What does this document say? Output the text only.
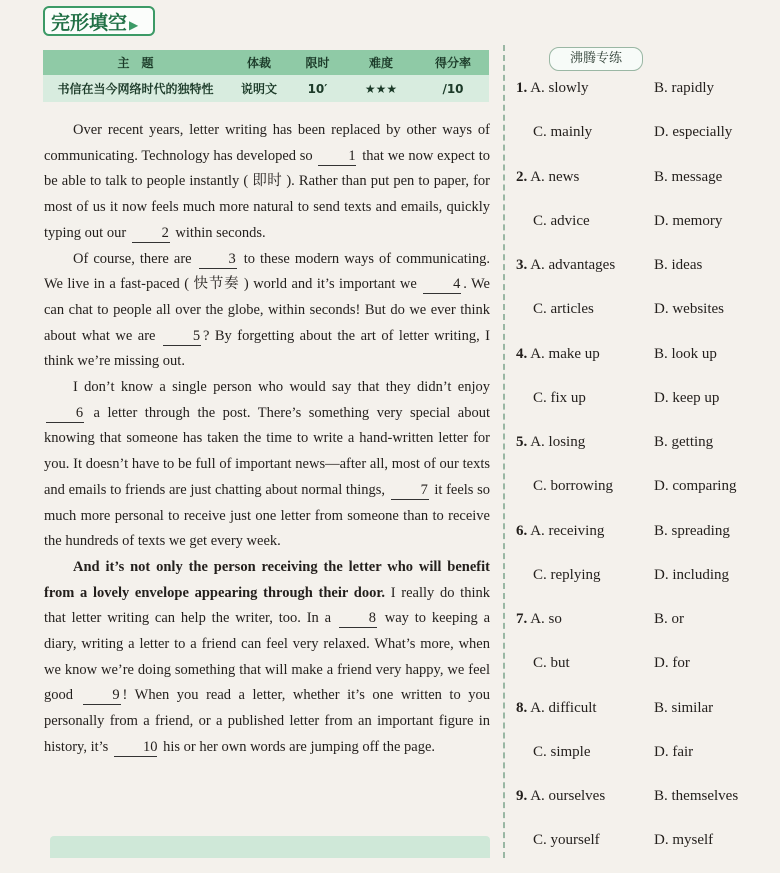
完形填空 ▶
主　题	体裁	限时	难度	得分率
书信在当今网络时代的独特性	说明文	10′	★★★	/10

Over recent years, letter writing has been replaced by other ways of communicating. Technology has developed so 1 that we now expect to be able to talk to people instantly ( 即时 ). Rather than put pen to paper, for most of us it now feels much more natural to send texts and emails, quickly typing out our 2 within seconds.

Of course, there are	3 to these modern ways of communicating. We live in a fast-paced ( 快节奏 ) world and it’s important we	4 . We can chat to people all over the globe, within seconds! But do we ever think about what we are	5 ? By forgetting about the art of letter writing, I think we’re missing out.

I don’t know a single person who would say that they didn’t enjoy 6 a letter through the post. There’s something very special about knowing that someone has taken the time to write a hand-written letter for you. It doesn’t have to be full of important news—after all, most of our texts and emails to friends are just chatting about normal things, 7 it feels so much more personal to receive just one letter from someone than to receive the hundreds of texts we get every week.

And it’s not only the person receiving the letter who will benefit from a lovely envelope appearing through their door. I really do think that letter writing can help the writer, too. In a	8 way to keeping a diary, writing a letter to a friend can feel very relaxed. What’s more, when we know we’re doing something that will make a friend very happy, we feel good	9 ! When you read a letter, whether it’s one written to you personally from a friend, or a published letter from an important figure in history, it’s 10 his or her own words are jumping off the page.

沸腾专练
1. A. slowly	B. rapidly
C. mainly	D. especially
2. A. news	B. message
C. advice	D. memory
3. A. advantages	B. ideas
C. articles	D. websites
4. A. make up	B. look up
C. fix up	D. keep up
5. A. losing	B. getting
C. borrowing	D. comparing
6. A. receiving	B. spreading
C. replying	D. including
7. A. so	B. or
C. but	D. for
8. A. difficult	B. similar
C. simple	D. fair
9. A. ourselves	B. themselves
C. yourself	D. myself
